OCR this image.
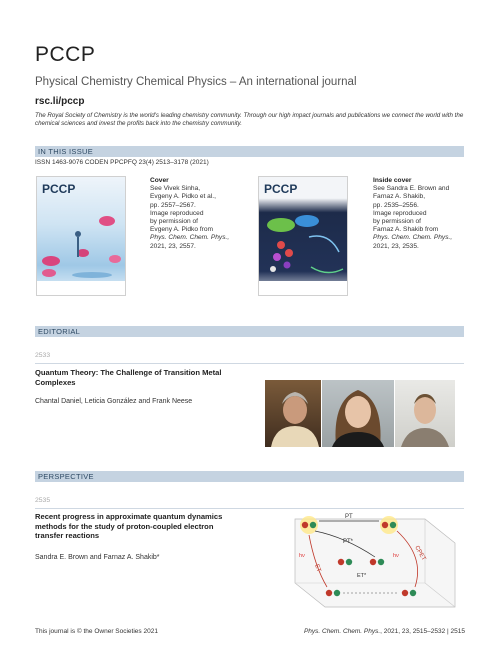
PCCP
Physical Chemistry Chemical Physics – An international journal
rsc.li/pccp
The Royal Society of Chemistry is the world’s leading chemistry community. Through our high impact journals and publications we connect the world with the chemical sciences and invest the profits back into the chemistry community.
IN THIS ISSUE
ISSN 1463-9076 CODEN PPCPFQ 23(4) 2513–3178 (2021)
PCCP
Cover
See Vivek Sinha,
Evgeny A. Pidko et al.,
pp. 2557–2567.
Image reproduced
by permission of
Evgeny A. Pidko from
Phys. Chem. Chem. Phys.,
2021, 23, 2557.
PCCP
Inside cover
See Sandra E. Brown and
Farnaz A. Shakib,
pp. 2535–2556.
Image reproduced
by permission of
Farnaz A. Shakib from
Phys. Chem. Chem. Phys.,
2021, 23, 2535.
EDITORIAL
2533
Quantum Theory: The Challenge of Transition Metal
Complexes
Chantal Daniel, Leticia González and Frank Neese
PERSPECTIVE
2535
Recent progress in approximate quantum dynamics
methods for the study of proton-coupled electron
transfer reactions
Sandra E. Brown and Farnaz A. Shakib*
PT
PT*
CPET
ET
ET*
hν	hν
This journal is © the Owner Societies 2021	Phys. Chem. Chem. Phys., 2021, 23, 2515–2532 | 2515
